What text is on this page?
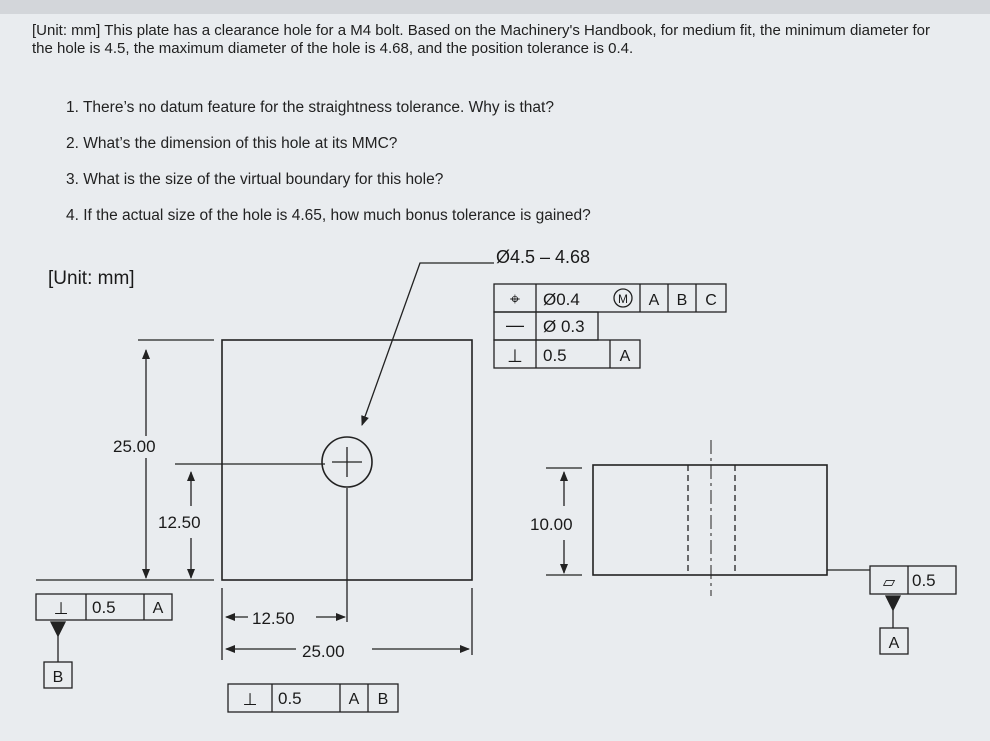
[Unit: mm] This plate has a clearance hole for a M4 bolt. Based on the Machinery's Handbook, for medium fit, the minimum diameter for the hole is 4.5, the maximum diameter of the hole is 4.68, and the position tolerance is 0.4.
1. There’s no datum feature for the straightness tolerance. Why is that?
2. What’s the dimension of this hole at its MMC?
3. What is the size of the virtual boundary for this hole?
4. If the actual size of the hole is 4.65, how much bonus tolerance is gained?
[Unit: mm]
25.00
12.50
12.50
25.00
Ø4.5 – 4.68
⌖ Ø0.4	M A B C
— Ø 0.3
⊥ 0.5	A
10.00
▱ 0.5
A
⊥ 0.5 A
B
⊥ 0.5	A B
